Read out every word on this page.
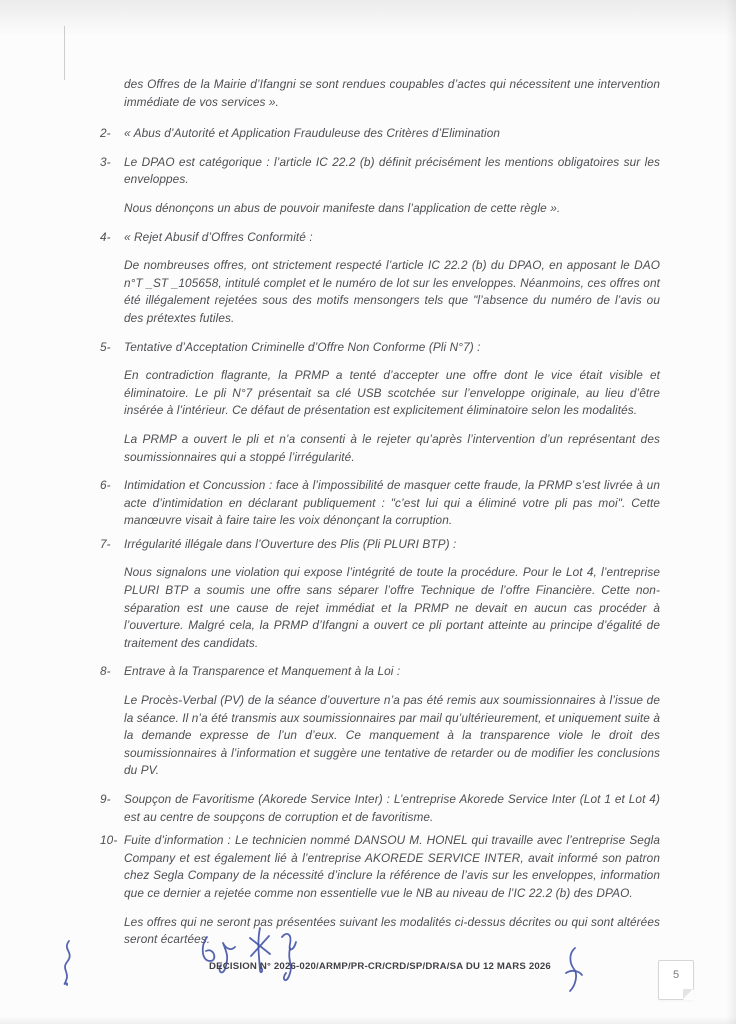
des Offres de la Mairie d’Ifangni se sont rendues coupables d’actes qui nécessitent une intervention immédiate de vos services ».

2-	« Abus d’Autorité et Application Frauduleuse des Critères d’Elimination

3-	Le DPAO est catégorique : l’article IC 22.2 (b) définit précisément les mentions obligatoires sur les enveloppes.

Nous dénonçons un abus de pouvoir manifeste dans l’application de cette règle ».

4-	« Rejet Abusif d’Offres Conformité :

De nombreuses offres, ont strictement respecté l’article IC 22.2 (b) du DPAO, en apposant le DAO n°T _ST _105658, intitulé complet et le numéro de lot sur les enveloppes. Néanmoins, ces offres ont été illégalement rejetées sous des motifs mensongers tels que "l’absence du numéro de l’avis ou des prétextes futiles.

5-	Tentative d’Acceptation Criminelle d’Offre Non Conforme (Pli N°7) :

En contradiction flagrante, la PRMP a tenté d’accepter une offre dont le vice était visible et éliminatoire. Le pli N°7 présentait sa clé USB scotchée sur l’enveloppe originale, au lieu d’être insérée à l’intérieur. Ce défaut de présentation est explicitement éliminatoire selon les modalités.

La PRMP a ouvert le pli et n’a consenti à le rejeter qu’après l’intervention d’un représentant des soumissionnaires qui a stoppé l’irrégularité.

6-	Intimidation et Concussion : face à l’impossibilité de masquer cette fraude, la PRMP s’est livrée à un acte d’intimidation en déclarant publiquement : "c’est lui qui a éliminé votre pli pas moi". Cette manœuvre visait à faire taire les voix dénonçant la corruption.

7-	Irrégularité illégale dans l’Ouverture des Plis (Pli PLURI BTP) :

Nous signalons une violation qui expose l’intégrité de toute la procédure. Pour le Lot 4, l’entreprise PLURI BTP a soumis une offre sans séparer l’offre Technique de l’offre Financière. Cette non-séparation est une cause de rejet immédiat et la PRMP ne devait en aucun cas procéder à l’ouverture. Malgré cela, la PRMP d’Ifangni a ouvert ce pli portant atteinte au principe d’égalité de traitement des candidats.

8-	Entrave à la Transparence et Manquement à la Loi :

Le Procès-Verbal (PV) de la séance d’ouverture n’a pas été remis aux soumissionnaires à l’issue de la séance. Il n’a été transmis aux soumissionnaires par mail qu’ultérieurement, et uniquement suite à la demande expresse de l’un d’eux. Ce manquement à la transparence viole le droit des soumissionnaires à l’information et suggère une tentative de retarder ou de modifier les conclusions du PV.

9-	Soupçon de Favoritisme (Akorede Service Inter) : L’entreprise Akorede Service Inter (Lot 1 et Lot 4) est au centre de soupçons de corruption et de favoritisme.

10- Fuite d’information : Le technicien nommé DANSOU M. HONEL qui travaille avec l’entreprise Segla Company et est également lié à l’entreprise AKOREDE SERVICE INTER, avait informé son patron chez Segla Company de la nécessité d’inclure la référence de l’avis sur les enveloppes, information que ce dernier a rejetée comme non essentielle vue le NB au niveau de l’IC 22.2 (b) des DPAO.

Les offres qui ne seront pas présentées suivant les modalités ci-dessus décrites ou qui sont altérées seront écartées.

DECISION N° 2026-020/ARMP/PR-CR/CRD/SP/DRA/SA DU 12 MARS 2026
5
